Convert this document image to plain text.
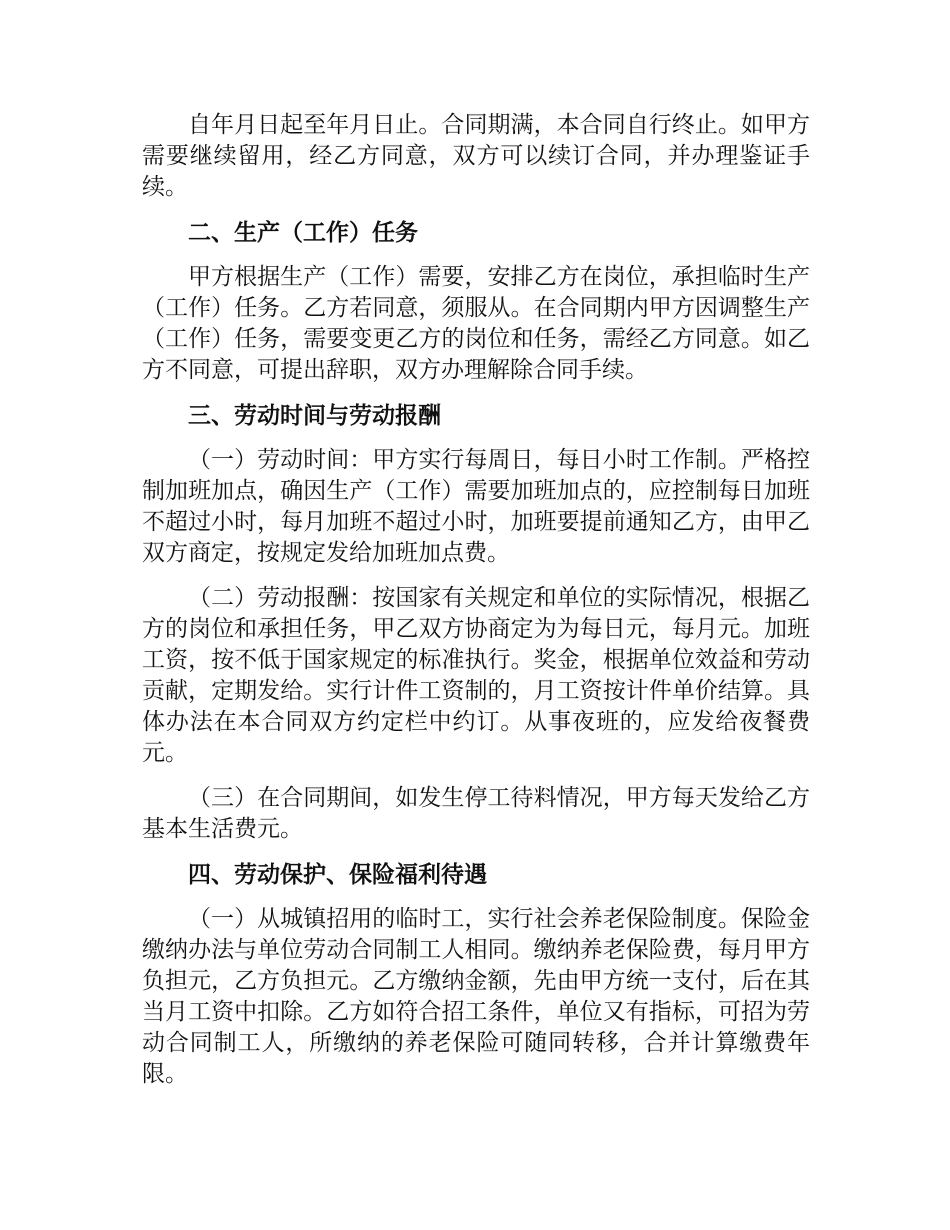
自年月日起至年月日止。合同期满，本合同自行终止。如甲方需要继续留用，经乙方同意，双方可以续订合同，并办理鉴证手续。

二、生产（工作）任务

甲方根据生产（工作）需要，安排乙方在岗位，承担临时生产（工作）任务。乙方若同意，须服从。在合同期内甲方因调整生产（工作）任务，需要变更乙方的岗位和任务，需经乙方同意。如乙方不同意，可提出辞职，双方办理解除合同手续。

三、劳动时间与劳动报酬

（一）劳动时间：甲方实行每周日，每日小时工作制。严格控制加班加点，确因生产（工作）需要加班加点的，应控制每日加班不超过小时，每月加班不超过小时，加班要提前通知乙方，由甲乙双方商定，按规定发给加班加点费。

（二）劳动报酬：按国家有关规定和单位的实际情况，根据乙方的岗位和承担任务，甲乙双方协商定为为每日元，每月元。加班工资，按不低于国家规定的标准执行。奖金，根据单位效益和劳动贡献，定期发给。实行计件工资制的，月工资按计件单价结算。具体办法在本合同双方约定栏中约订。从事夜班的，应发给夜餐费元。

（三）在合同期间，如发生停工待料情况，甲方每天发给乙方基本生活费元。

四、劳动保护、保险福利待遇

（一）从城镇招用的临时工，实行社会养老保险制度。保险金缴纳办法与单位劳动合同制工人相同。缴纳养老保险费，每月甲方负担元，乙方负担元。乙方缴纳金额，先由甲方统一支付，后在其当月工资中扣除。乙方如符合招工条件，单位又有指标，可招为劳动合同制工人，所缴纳的养老保险可随同转移，合并计算缴费年限。
